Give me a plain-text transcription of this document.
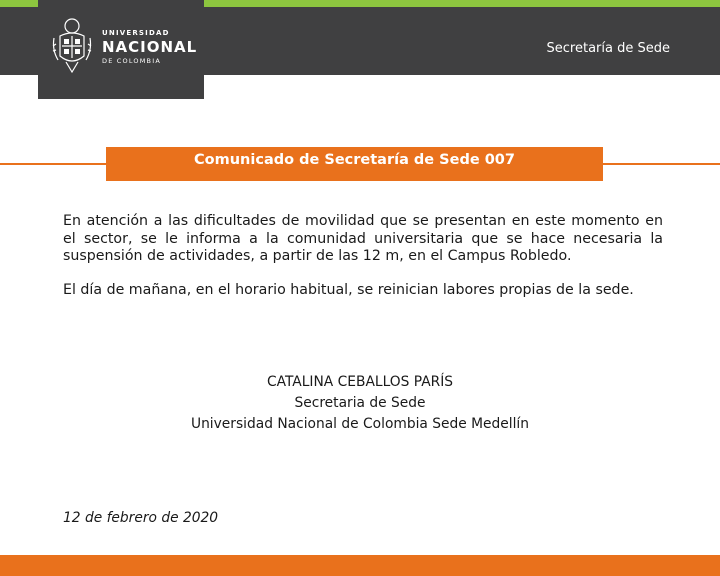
Secretaría de Sede
UNIVERSIDAD
NACIONAL
DE COLOMBIA
Comunicado de Secretaría de Sede 007

En atención a las dificultades de movilidad que se presentan en este momento en el sector, se le informa a la comunidad universitaria que se hace necesaria la suspensión de actividades, a partir de las 12 m, en el Campus Robledo.

El día de mañana, en el horario habitual, se reinician labores propias de la sede.

CATALINA CEBALLOS PARÍS
Secretaria de Sede
Universidad Nacional de Colombia Sede Medellín
12 de febrero de 2020
